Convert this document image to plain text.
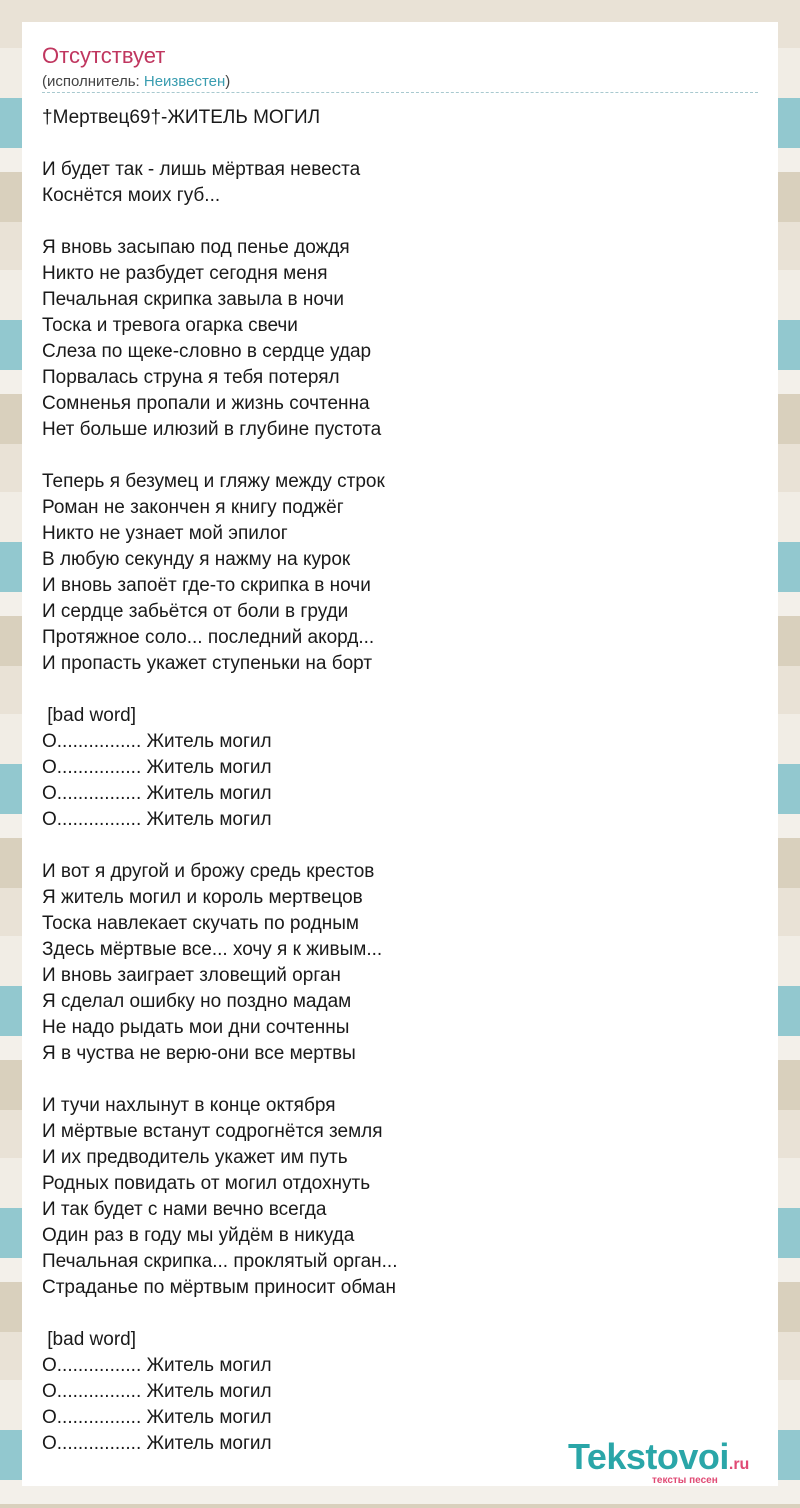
Отсутствует
(исполнитель: Неизвестен)
†Мертвец69†-ЖИТЕЛЬ МОГИЛ
И будет так - лишь мёртвая невеста
Коснётся моих губ...
Я вновь засыпаю под пенье дождя
Никто не разбудет сегодня меня
Печальная скрипка завыла в ночи
Тоска и тревога огарка свечи
Слеза по щеке-словно в сердце удар
Порвалась струна я тебя потерял
Сомненья пропали и жизнь сочтенна
Нет больше илюзий в глубине пустота
Теперь я безумец и гляжу между строк
Роман не закончен я книгу поджёг
Никто не узнает мой эпилог
В любую секунду я нажму на курок
И вновь запоёт где-то скрипка в ночи
И сердце забьётся от боли в груди
Протяжное соло... последний акорд...
И пропасть укажет ступеньки на борт
[bad word]
О................ Житель могил
О................ Житель могил
О................ Житель могил
О................ Житель могил
И вот я другой и брожу средь крестов
Я житель могил и король мертвецов
Тоска навлекает скучать по родным
Здесь мёртвые все... хочу я к живым...
И вновь заиграет зловещий орган
Я сделал ошибку но поздно мадам
Не надо рыдать мои дни сочтенны
Я в чуства не верю-они все мертвы
И тучи нахлынут в конце октября
И мёртвые встанут содрогнётся земля
И их предводитель укажет им путь
Родных повидать от могил отдохнуть
И так будет с нами вечно всегда
Один раз в году мы уйдём в никуда
Печальная скрипка... проклятый орган...
Страданье по мёртвым приносит обман
[bad word]
О................ Житель могил
О................ Житель могил
О................ Житель могил
О................ Житель могил	Tekstovoi.ru
тексты песен
